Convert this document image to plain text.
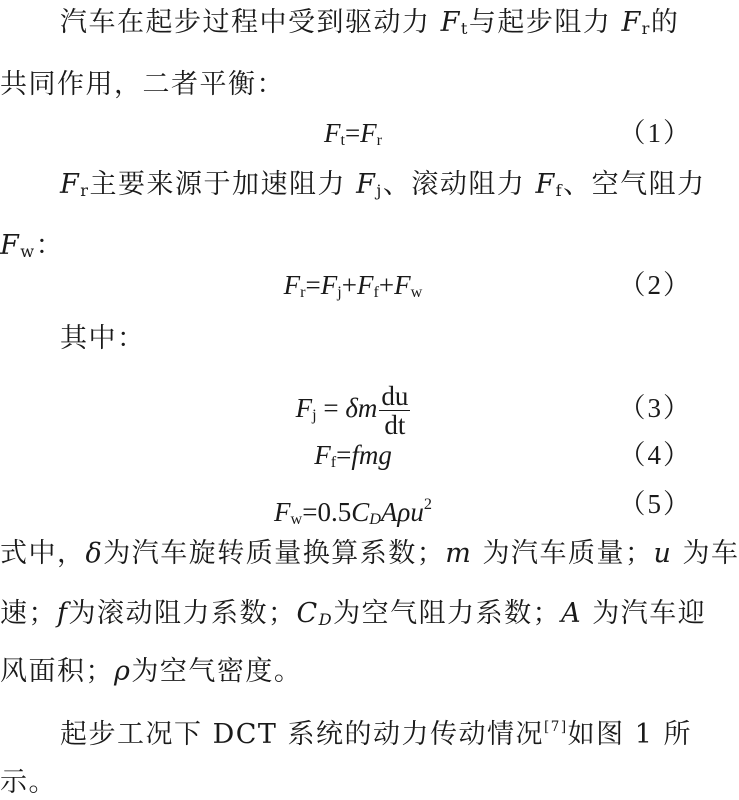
汽车在起步过程中受到驱动力 $F_t$与起步阻力 $F_r$的
共同作用，二者平衡：
$F_t=F_r$	（1）
$F_r$主要来源于加速阻力 $F_j$、滚动阻力 $F_f$、空气阻力
$F_w$：
$F_r=F_j+F_f+F_w$	（2）
其中：
$F_j = \delta m \frac{du}{dt}$	（3）
$F_f=fmg$	（4）
$F_w=0.5C_DA\rho u^2$	（5）
式中，δ为汽车旋转质量换算系数；m 为汽车质量；u 为车
速；f为滚动阻力系数；$C_D$为空气阻力系数；A 为汽车迎
风面积；ρ为空气密度。
起步工况下 DCT 系统的动力传动情况[7]如图 1 所
示。
